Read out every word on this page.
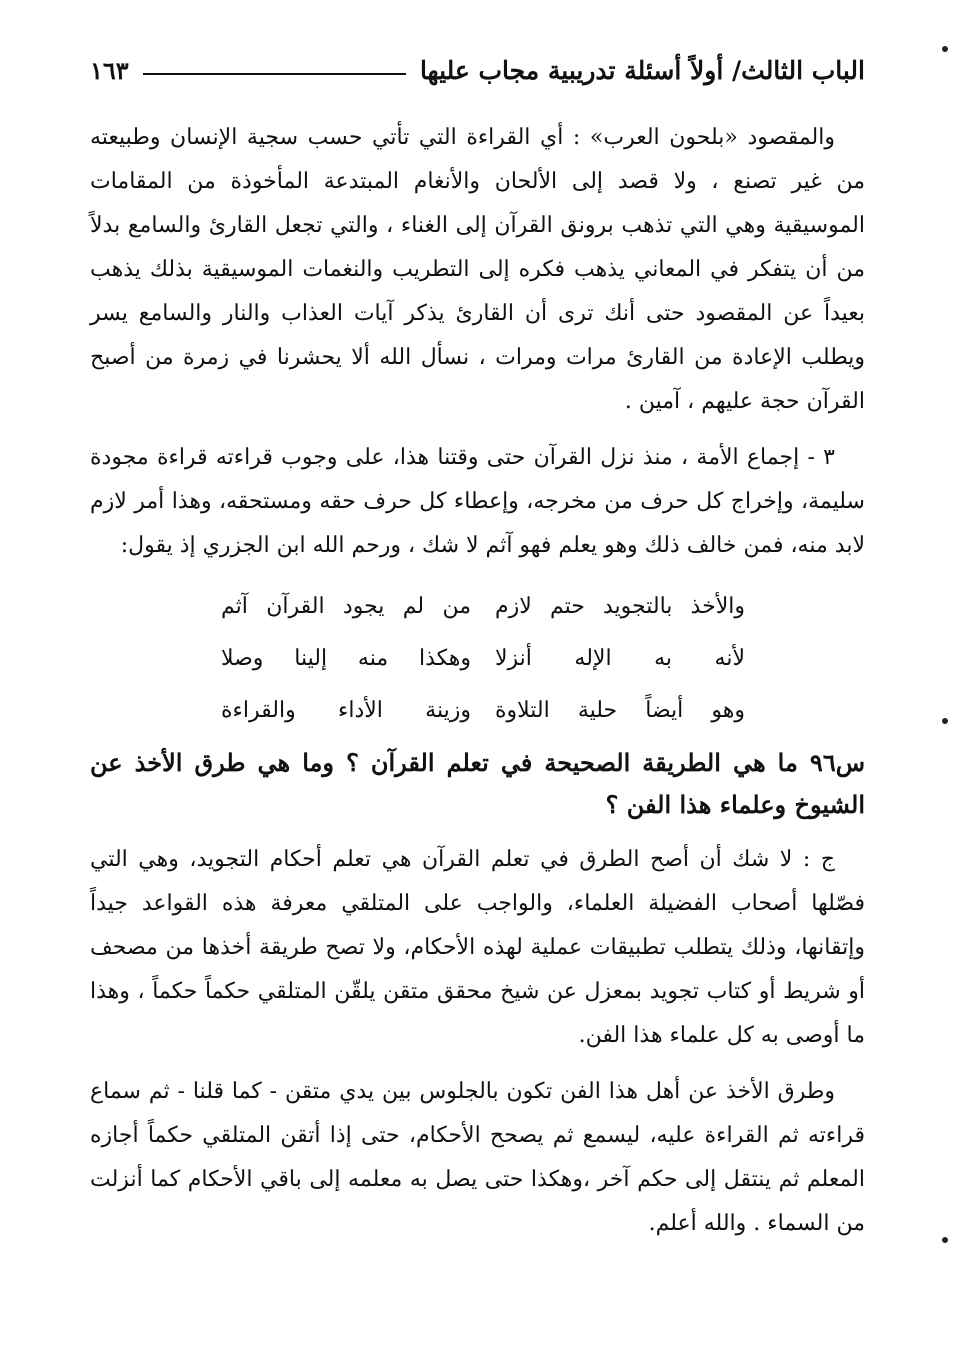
الباب الثالث/ أولاً أسئلة تدريبية مجاب عليها
١٦٣

والمقصود «بلحون العرب» : أي القراءة التي تأتي حسب سجية الإنسان وطبيعته من غير تصنع ، ولا قصد إلى الألحان والأنغام المبتدعة المأخوذة من المقامات الموسيقية وهي التي تذهب برونق القرآن إلى الغناء ، والتي تجعل القارئ والسامع بدلاً من أن يتفكر في المعاني يذهب فكره إلى التطريب والنغمات الموسيقية بذلك يذهب بعيداً عن المقصود حتى أنك ترى أن القارئ يذكر آيات العذاب والنار والسامع يسر ويطلب الإعادة من القارئ مرات ومرات ، نسأل الله ألا يحشرنا في زمرة من أصبح القرآن حجة عليهم ، آمين .

٣ - إجماع الأمة ، منذ نزل القرآن حتى وقتنا هذا، على وجوب قراءته قراءة مجودة سليمة، وإخراج كل حرف من مخرجه، وإعطاء كل حرف حقه ومستحقه، وهذا أمر لازم لابد منه، فمن خالف ذلك وهو يعلم فهو آثم لا شك ، ورحم الله ابن الجزري إذ يقول:

والأخذ بالتجويد حتم لازم
من لم يجود القرآن آثم
لأنه به الإله أنزلا
وهكذا منه إلينا وصلا
وهو أيضاً حلية التلاوة
وزينة الأداء والقراءة

س٩٦ ما هي الطريقة الصحيحة في تعلم القرآن ؟ وما هي طرق الأخذ عن الشيوخ وعلماء هذا الفن ؟

ج : لا شك أن أصح الطرق في تعلم القرآن هي تعلم أحكام التجويد، وهي التي فصّلها أصحاب الفضيلة العلماء، والواجب على المتلقي معرفة هذه القواعد جيداً وإتقانها، وذلك يتطلب تطبيقات عملية لهذه الأحكام، ولا تصح طريقة أخذها من مصحف أو شريط أو كتاب تجويد بمعزل عن شيخ محقق متقن يلقّن المتلقي حكماً حكماً ، وهذا ما أوصى به كل علماء هذا الفن.

وطرق الأخذ عن أهل هذا الفن تكون بالجلوس بين يدي متقن - كما قلنا - ثم سماع قراءته ثم القراءة عليه، ليسمع ثم يصحح الأحكام، حتى إذا أتقن المتلقي حكماً أجازه المعلم ثم ينتقل إلى حكم آخر ،وهكذا حتى يصل به معلمه إلى باقي الأحكام كما أنزلت من السماء . والله أعلم.
